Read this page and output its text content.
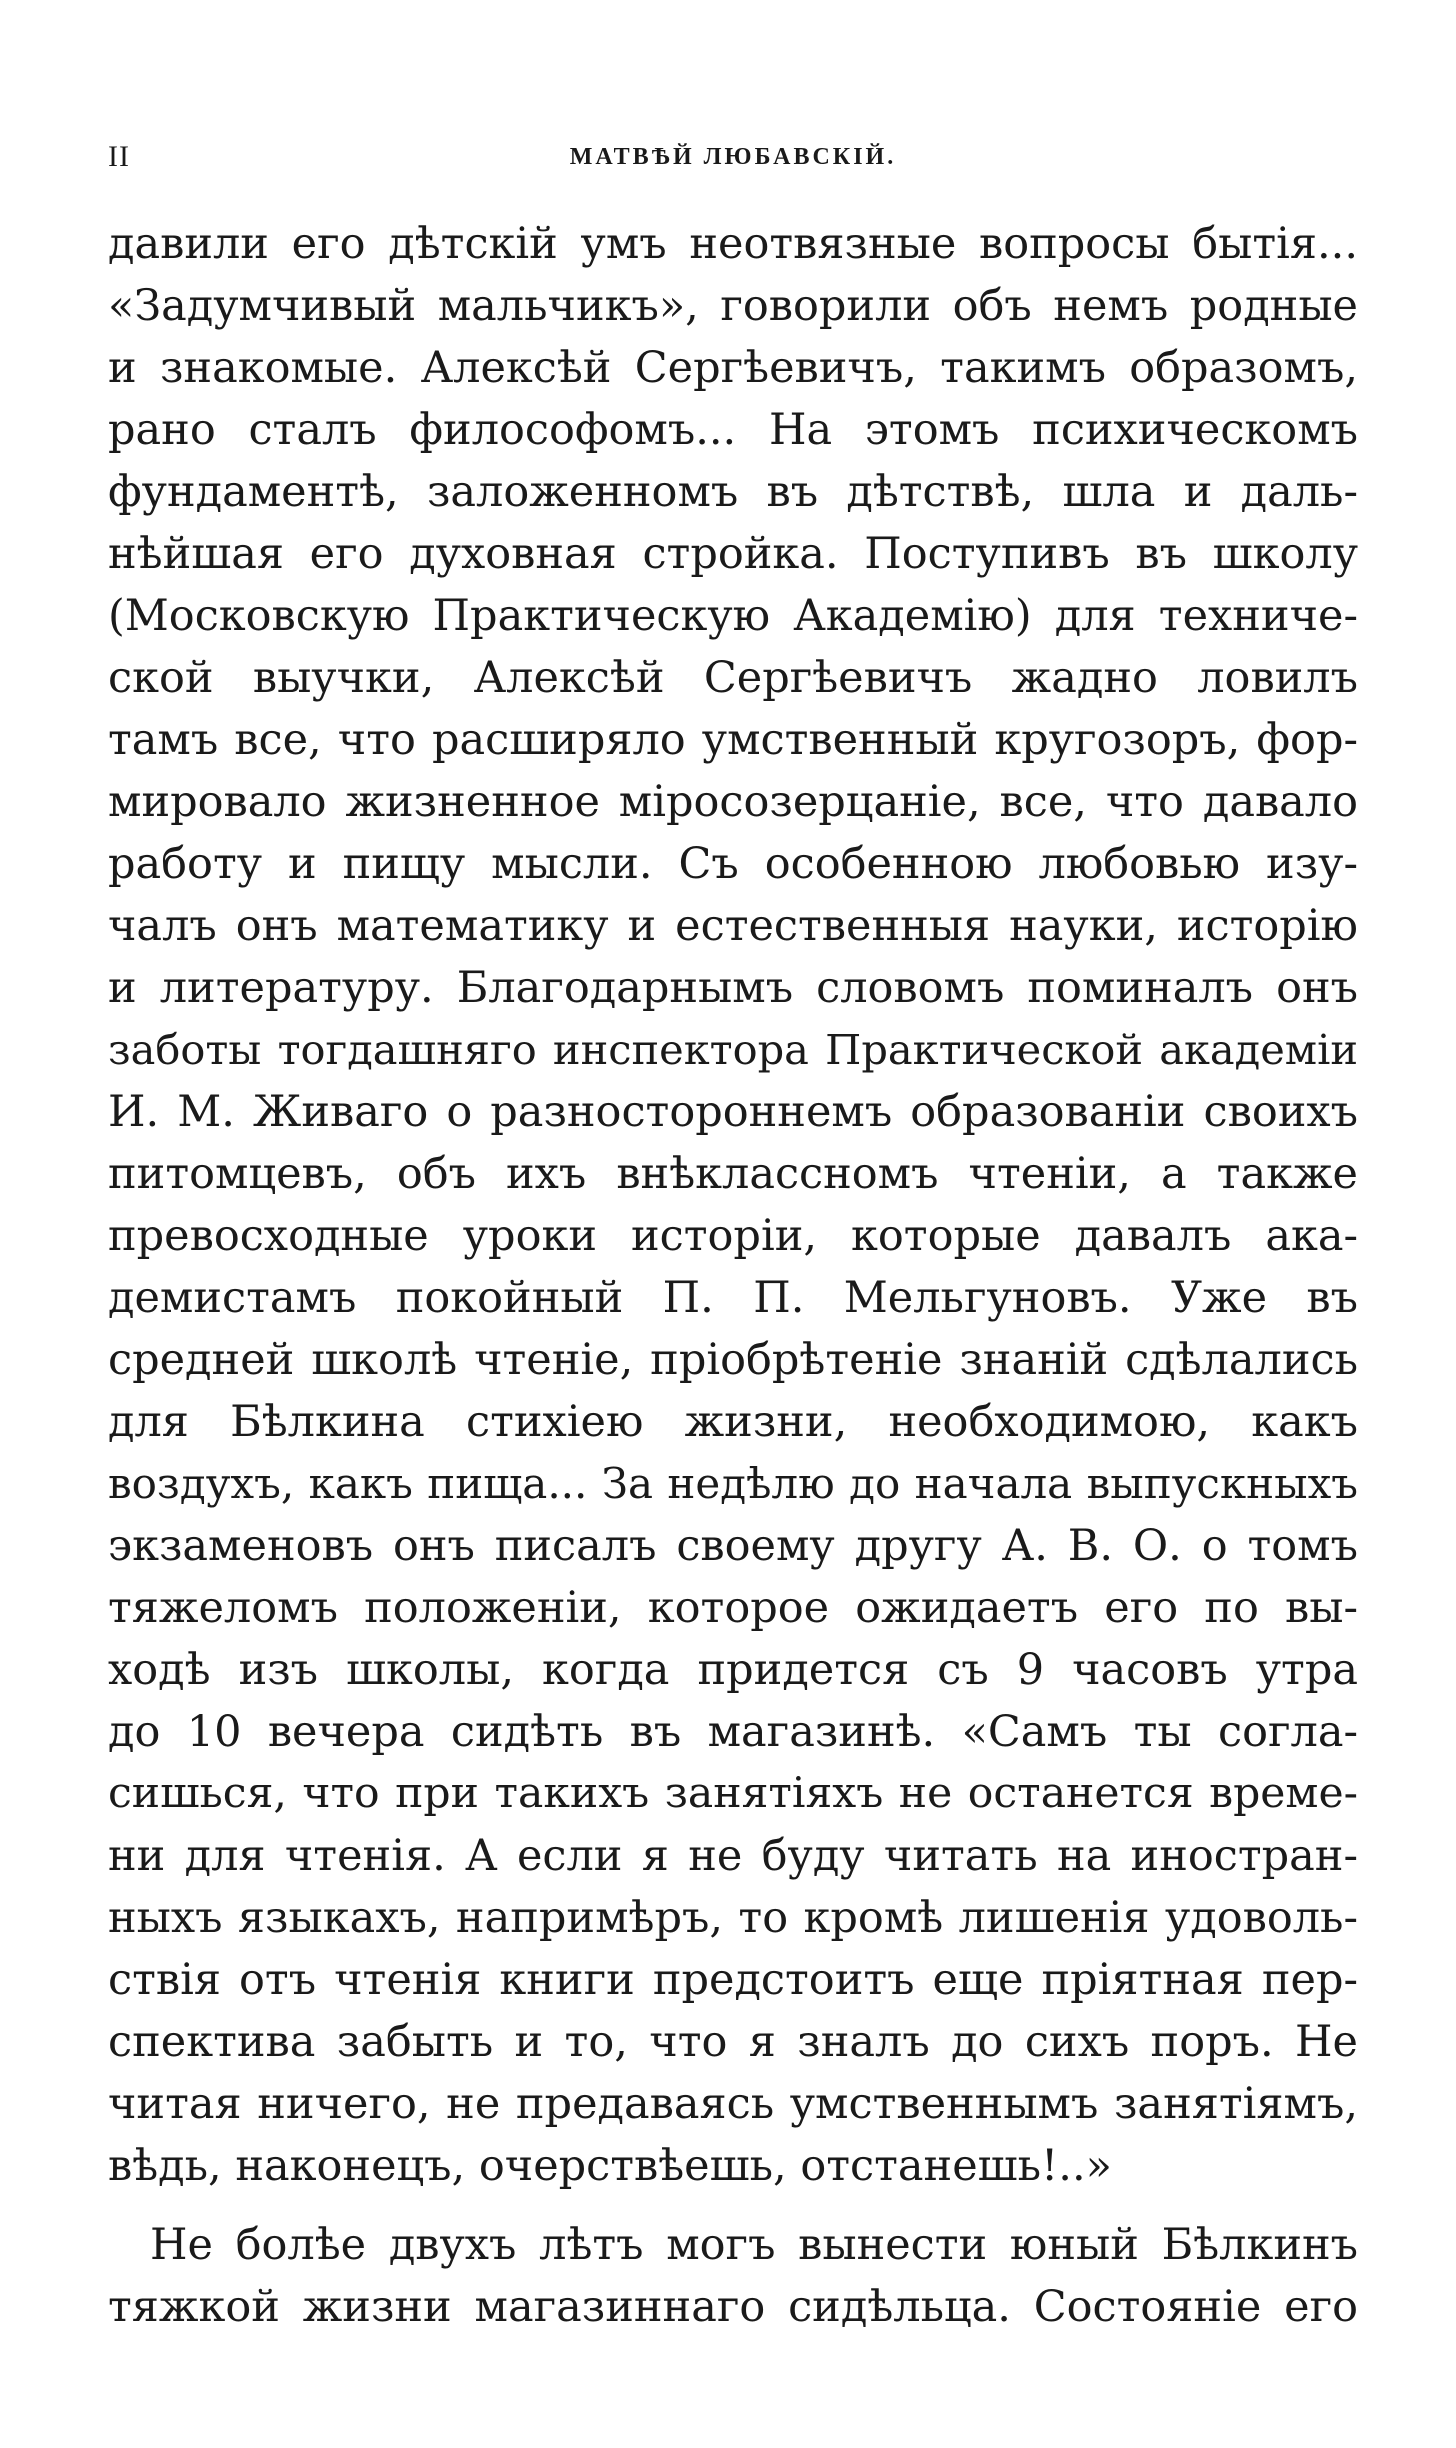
II	МАТВѢЙ ЛЮБАВСКІЙ.
давили его дѣтскій умъ неотвязные вопросы бытія...
«Задумчивый мальчикъ», говорили объ немъ родные
и знакомые. Алексѣй Сергѣевичъ, такимъ образомъ,
рано сталъ философомъ... На этомъ психическомъ
фундаментѣ, заложенномъ въ дѣтствѣ, шла и даль-
нѣйшая его духовная стройка. Поступивъ въ школу
(Московскую Практическую Академію) для техниче-
ской выучки, Алексѣй Сергѣевичъ жадно ловилъ
тамъ все, что расширяло умственный кругозоръ, фор-
мировало жизненное міросозерцаніе, все, что давало
работу и пищу мысли. Съ особенною любовью изу-
чалъ онъ математику и естественныя науки, исторію
и литературу. Благодарнымъ словомъ поминалъ онъ
заботы тогдашняго инспектора Практической академіи
И. М. Живаго о разностороннемъ образованіи своихъ
питомцевъ, объ ихъ внѣклассномъ чтеніи, а также
превосходные уроки исторіи, которые давалъ ака-
демистамъ покойный П. П. Мельгуновъ. Уже въ
средней школѣ чтеніе, пріобрѣтеніе знаній сдѣлались
для Бѣлкина стихіею жизни, необходимою, какъ
воздухъ, какъ пища... За недѣлю до начала выпускныхъ
экзаменовъ онъ писалъ своему другу А. В. О. о томъ
тяжеломъ положеніи, которое ожидаетъ его по вы-
ходѣ изъ школы, когда придется съ 9 часовъ утра
до 10 вечера сидѣть въ магазинѣ. «Самъ ты согла-
сишься, что при такихъ занятіяхъ не останется време-
ни для чтенія. А если я не буду читать на иностран-
ныхъ языкахъ, напримѣръ, то кромѣ лишенія удоволь-
ствія отъ чтенія книги предстоитъ еще пріятная пер-
спектива забыть и то, что я зналъ до сихъ поръ. Не
читая ничего, не предаваясь умственнымъ занятіямъ,
вѣдь, наконецъ, очерствѣешь, отстанешь!..»
Не болѣе двухъ лѣтъ могъ вынести юный Бѣлкинъ
тяжкой жизни магазиннаго сидѣльца. Состояніе его
